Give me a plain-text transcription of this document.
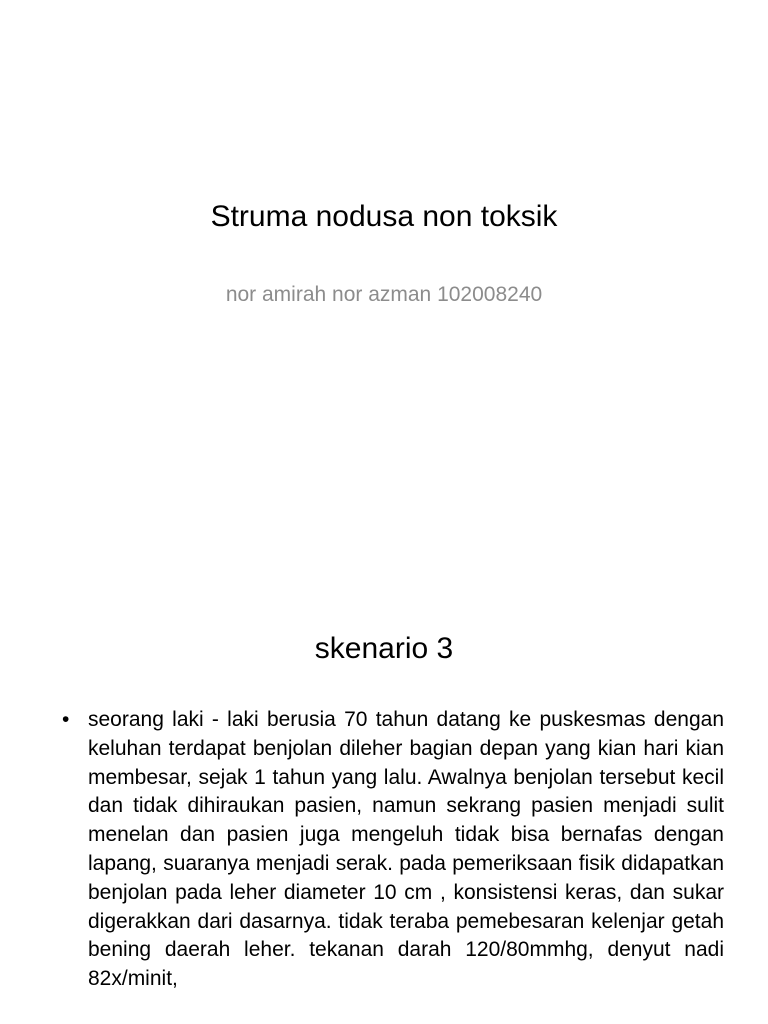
Struma nodusa non toksik
nor amirah nor azman 102008240
skenario 3
• seorang laki - laki berusia 70 tahun datang ke puskesmas dengan keluhan terdapat benjolan dileher bagian depan yang kian hari kian membesar, sejak 1 tahun yang lalu. Awalnya benjolan tersebut kecil dan tidak dihiraukan pasien, namun sekrang pasien menjadi sulit menelan dan pasien juga mengeluh tidak bisa bernafas dengan lapang, suaranya menjadi serak. pada pemeriksaan fisik didapatkan benjolan pada leher diameter 10 cm , konsistensi keras, dan sukar digerakkan dari dasarnya. tidak teraba pemebesaran kelenjar getah bening daerah leher. tekanan darah 120/80mmhg, denyut nadi 82x/minit,
